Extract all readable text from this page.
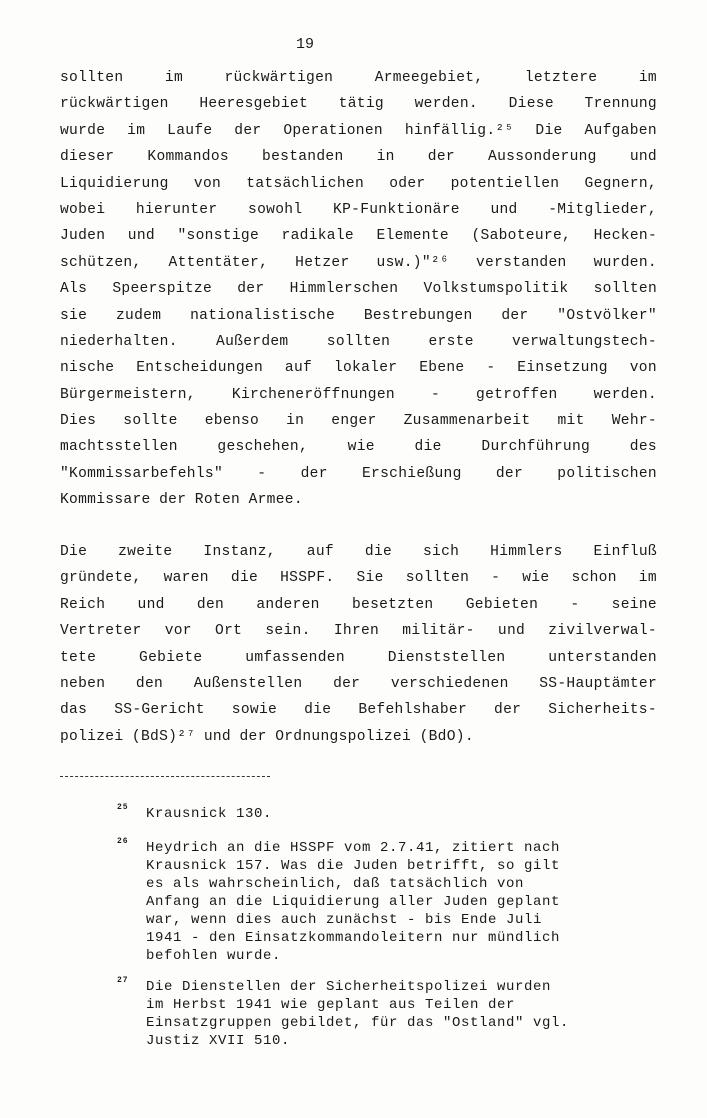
19
sollten	im	rückwärtigen	Armeegebiet,	letztere	im
rückwärtigen Heeresgebiet tätig werden. Diese Trennung
wurde im Laufe der Operationen hinfällig.²⁵ Die Aufgaben
dieser Kommandos bestanden in der Aussonderung und
Liquidierung von tatsächlichen oder potentiellen Gegnern,
wobei hierunter sowohl KP-Funktionäre und -Mitglieder,
Juden und "sonstige radikale Elemente (Saboteure, Hecken-
schützen, Attentäter, Hetzer usw.)"²⁶ verstanden wurden.
Als Speerspitze der Himmlerschen Volkstumspolitik sollten
sie zudem nationalistische Bestrebungen der "Ostvölker"
niederhalten.	Außerdem	sollten	erste	verwaltungstech-
nische Entscheidungen auf lokaler Ebene - Einsetzung von
Bürgermeistern, Kircheneröffnungen - getroffen werden.
Dies sollte ebenso in enger Zusammenarbeit mit Wehr-
machtsstellen	geschehen,	wie	die	Durchführung	des
"Kommissarbefehls" - der Erschießung der politischen
Kommissare der Roten Armee.
Die zweite Instanz, auf die sich Himmlers Einfluß
gründete, waren die HSSPF. Sie sollten - wie schon im
Reich und den anderen besetzten Gebieten - seine
Vertreter vor Ort sein. Ihren militär- und zivilverwal-
tete	Gebiete	umfassenden	Dienststellen	unterstanden
neben den Außenstellen der verschiedenen SS-Hauptämter
das SS-Gericht sowie die Befehlshaber der Sicherheits-
polizei (BdS)²⁷ und der Ordnungspolizei (BdO).
25 Krausnick 130.
26 Heydrich an die HSSPF vom 2.7.41, zitiert nach
Krausnick 157. Was die Juden betrifft, so gilt
es als wahrscheinlich, daß tatsächlich von
Anfang an die Liquidierung aller Juden geplant
war, wenn dies auch zunächst - bis Ende Juli
1941 - den Einsatzkommandoleitern nur mündlich
befohlen wurde.
27 Die Dienstellen der Sicherheitspolizei wurden
im Herbst 1941 wie geplant aus Teilen der
Einsatzgruppen gebildet, für das "Ostland" vgl.
Justiz XVII 510.
